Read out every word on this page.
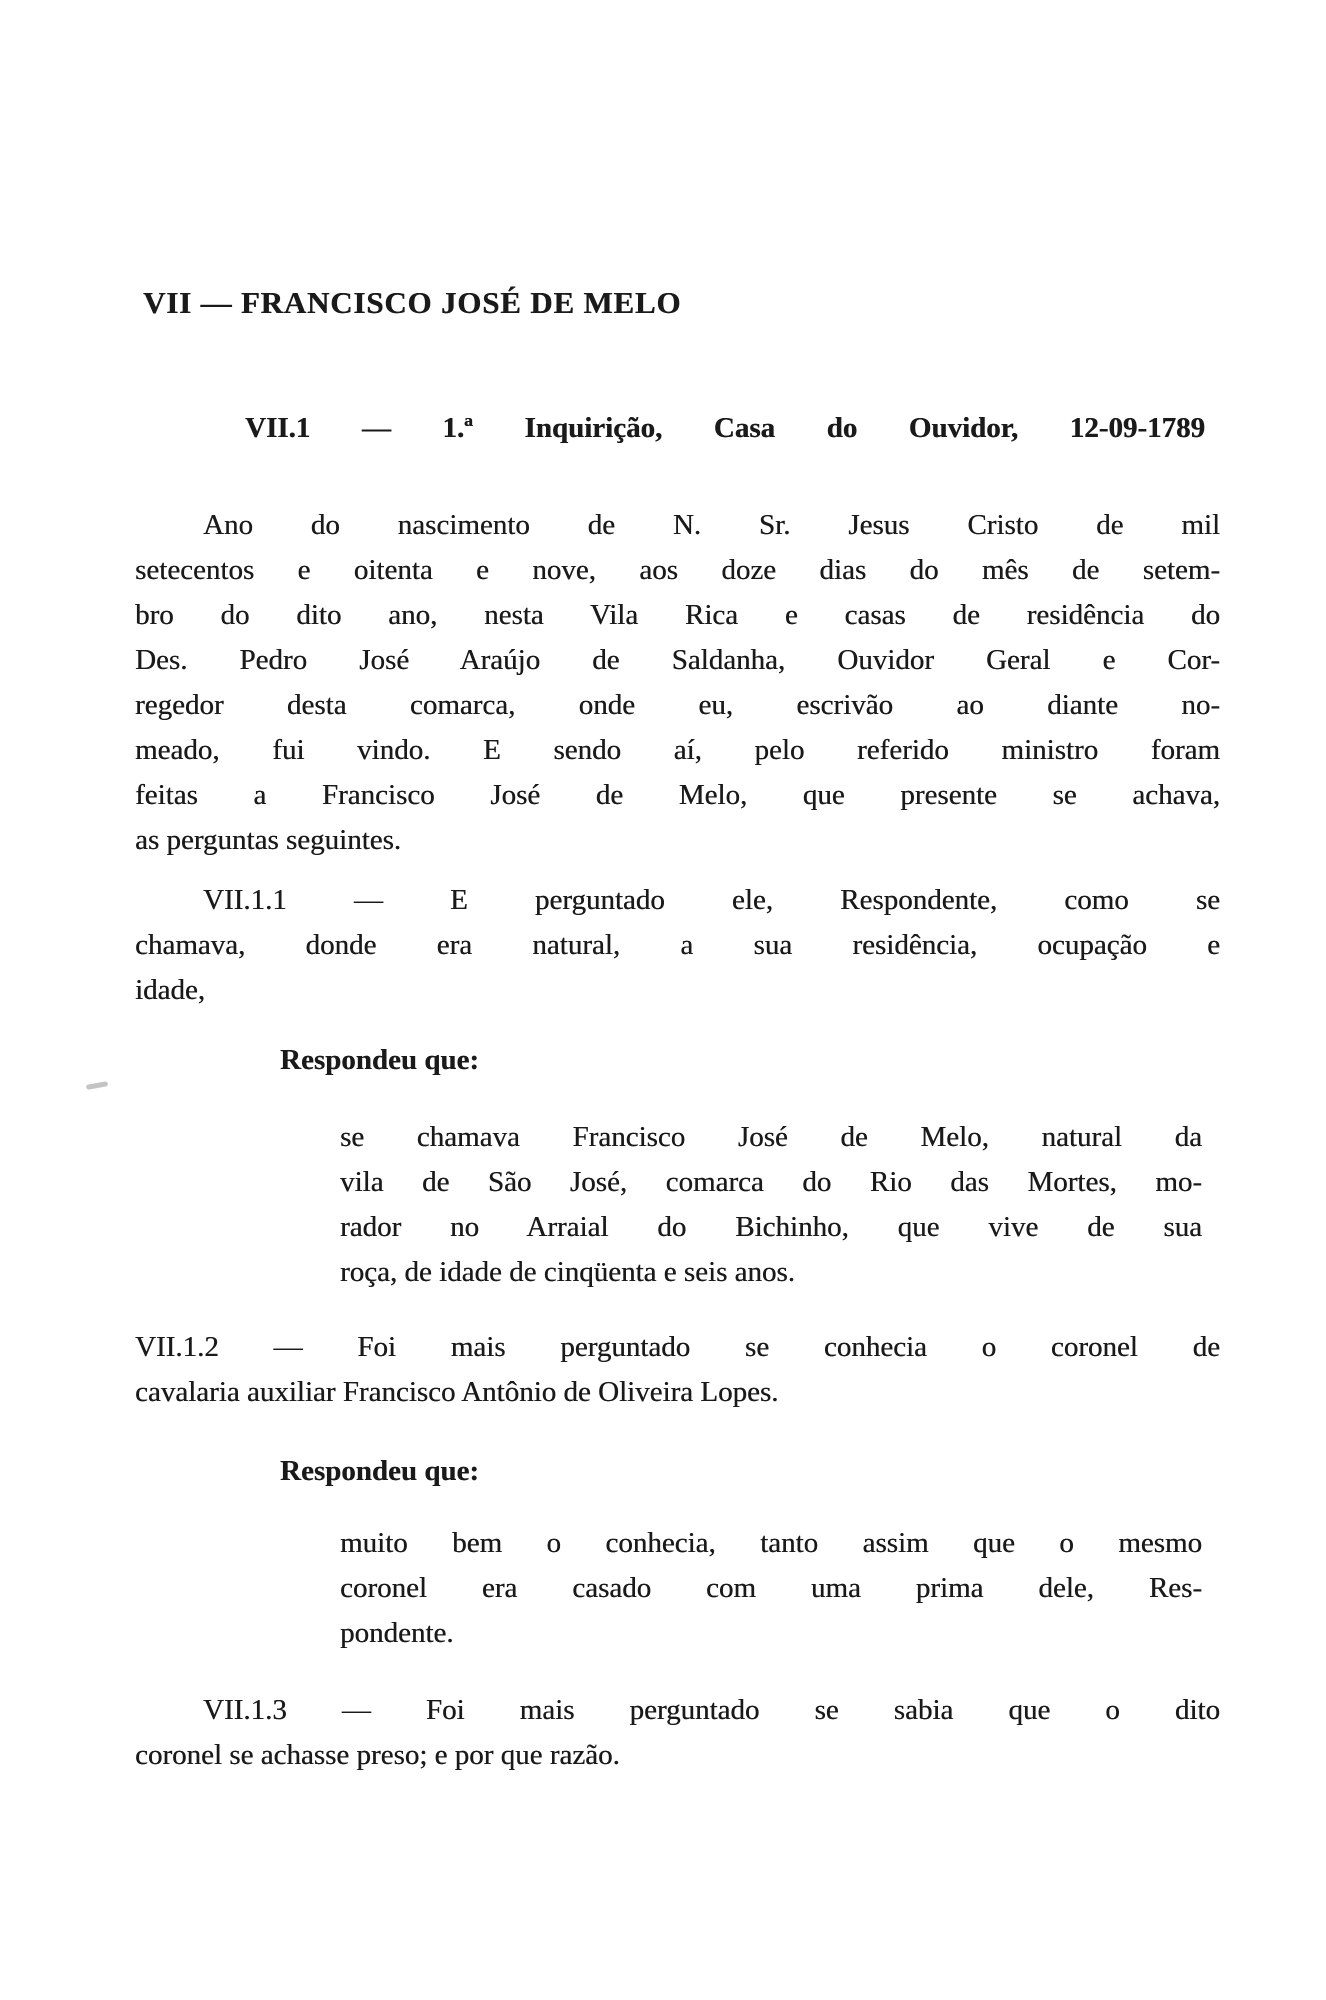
VII — FRANCISCO JOSÉ DE MELO
VII.1 — 1.ª Inquirição, Casa do Ouvidor, 12-09-1789
Ano do nascimento de N. Sr. Jesus Cristo de mil
setecentos e oitenta e nove, aos doze dias do mês de setem-
bro do dito ano, nesta Vila Rica e casas de residência do
Des. Pedro José Araújo de Saldanha, Ouvidor Geral e Cor-
regedor desta comarca, onde eu, escrivão ao diante no-
meado, fui vindo. E sendo aí, pelo referido ministro foram
feitas a Francisco José de Melo, que presente se achava,
as perguntas seguintes.
VII.1.1 — E perguntado ele, Respondente, como se
chamava, donde era natural, a sua residência, ocupação e
idade,
Respondeu que:
se chamava Francisco José de Melo, natural da
vila de São José, comarca do Rio das Mortes, mo-
rador no Arraial do Bichinho, que vive de sua
roça, de idade de cinqüenta e seis anos.
VII.1.2 — Foi mais perguntado se conhecia o coronel de
cavalaria auxiliar Francisco Antônio de Oliveira Lopes.
Respondeu que:
muito bem o conhecia, tanto assim que o mesmo
coronel era casado com uma prima dele, Res-
pondente.
VII.1.3 — Foi mais perguntado se sabia que o dito
coronel se achasse preso; e por que razão.
